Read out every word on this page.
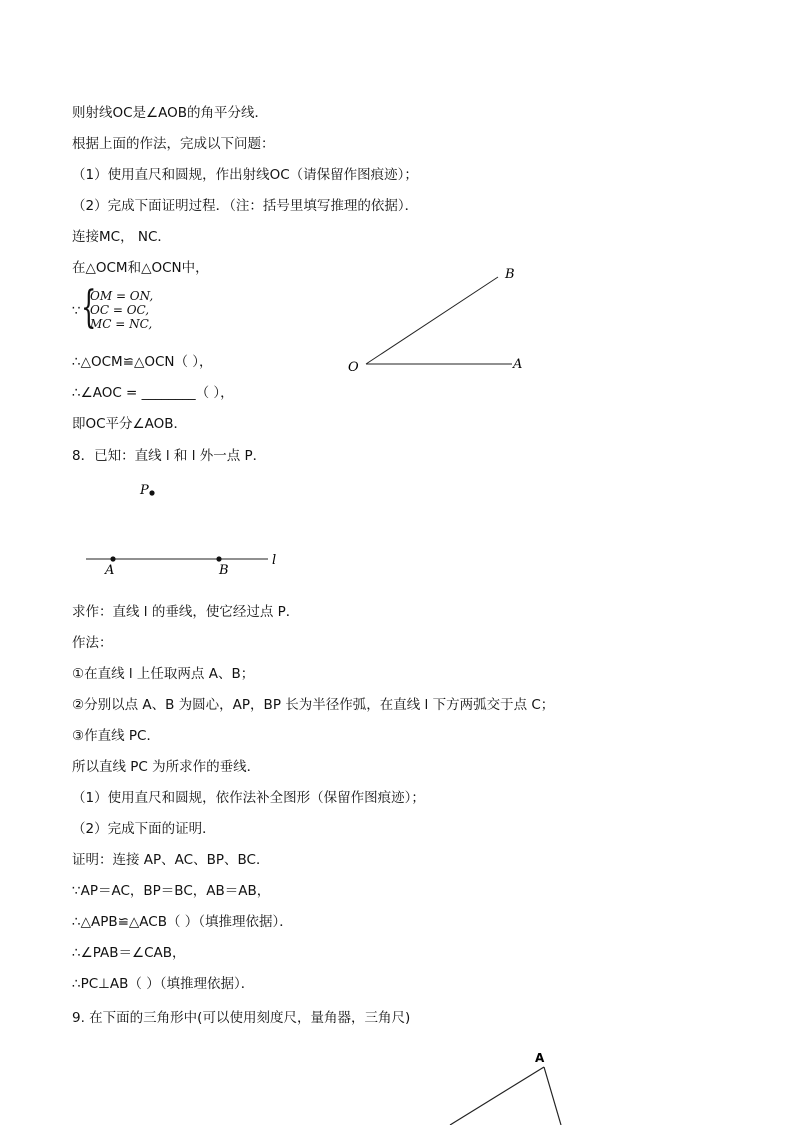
则射线OC是∠AOB的角平分线．
根据上面的作法，完成以下问题：
（1）使用直尺和圆规，作出射线OC（请保留作图痕迹）；
（2）完成下面证明过程．（注：括号里填写推理的依据）．
连接MC， NC．
在△OCM和△OCN中，
∵ {
OM = ON,
OC = OC,
MC = NC,
∴△OCM≌△OCN（ ），
∴∠AOC = ________（ ），
即OC平分∠AOB．
B
O	A
8．已知：直线 l 和 l 外一点 P．
P
A	B
l
求作：直线 l 的垂线，使它经过点 P．
作法：
①在直线 l 上任取两点 A、B；
②分别以点 A、B 为圆心，AP，BP 长为半径作弧，在直线 l 下方两弧交于点 C；
③作直线 PC．
所以直线 PC 为所求作的垂线．
（1）使用直尺和圆规，依作法补全图形（保留作图痕迹）；
（2）完成下面的证明．
证明：连接 AP、AC、BP、BC．
∵AP＝AC，BP＝BC，AB＝AB，
∴△APB≌△ACB（ ）（填推理依据）．
∴∠PAB＝∠CAB，
∴PC⊥AB（ ）（填推理依据）．
9. 在下面的三角形中(可以使用刻度尺，量角器，三角尺)
A
